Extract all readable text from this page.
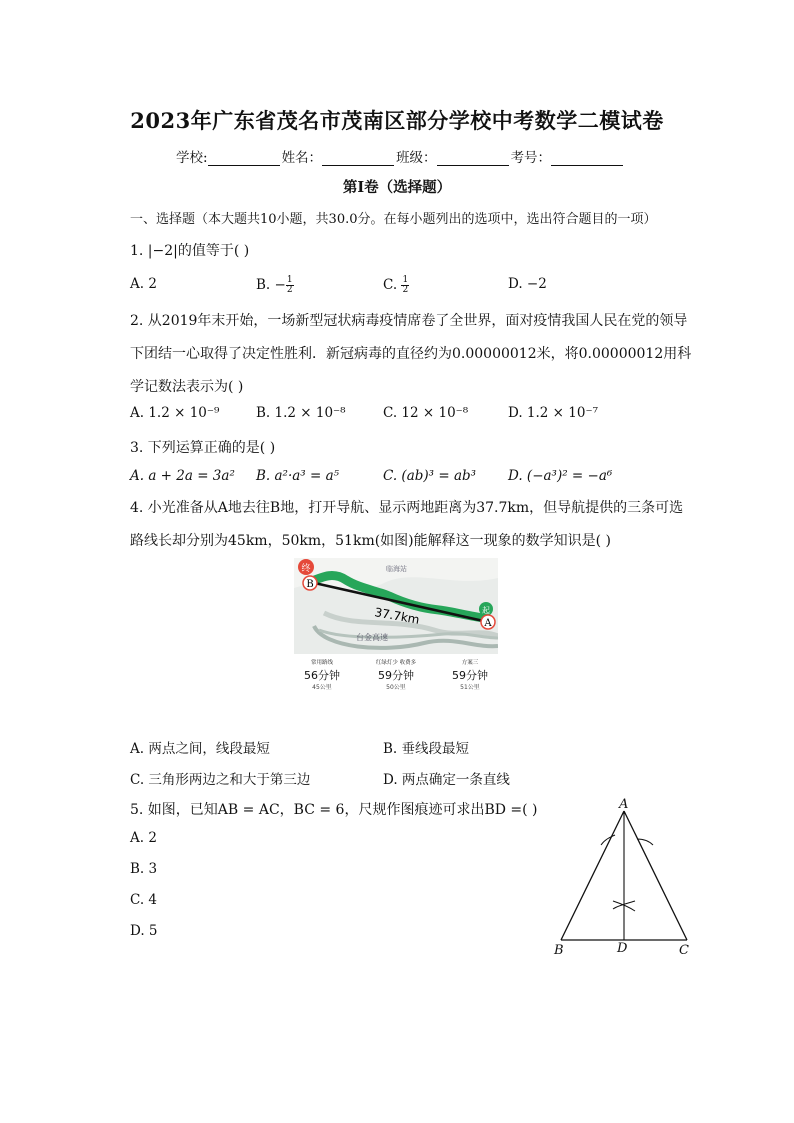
2023年广东省茂名市茂南区部分学校中考数学二模试卷
学校:	姓名：	班级：	考号：
第Ⅰ卷（选择题）
一、选择题（本大题共10小题，共30.0分。在每小题列出的选项中，选出符合题目的一项）
1. |−2|的值等于( )
A. 2	B. − $\frac{1}{2}$	C. $\frac{1}{2}$	D. −2
2. 从2019年末开始，一场新型冠状病毒疫情席卷了全世界，面对疫情我国人民在党的领导下团结一心取得了决定性胜利．新冠病毒的直径约为0.00000012米，将0.00000012用科学记数法表示为( )
A. 1.2 × 10⁻⁹	B. 1.2 × 10⁻⁸	C. 12 × 10⁻⁸	D. 1.2 × 10⁻⁷
3. 下列运算正确的是( )
A. a + 2a = 3a² B. a²·a³ = a⁵	C. (ab)³ = ab³ D. (−a³)² = −a⁶
4. 小光准备从A地去往B地，打开导航、显示两地距离为37.7km，但导航提供的三条可选路线长却分别为45km，50km，51km(如图)能解释这一现象的数学知识是( )
终
B
起
A
37.7km
临海站
台金高速
常用路线
56分钟
45公里
红绿灯少 收费多
59分钟
50公里
方案三
59分钟
51公里
A. 两点之间，线段最短	B. 垂线段最短
C. 三角形两边之和大于第三边	D. 两点确定一条直线
5. 如图，已知AB = AC，BC = 6，尺规作图痕迹可求出BD =( )
A. 2
B. 3
C. 4
D. 5
A
B	D	C
